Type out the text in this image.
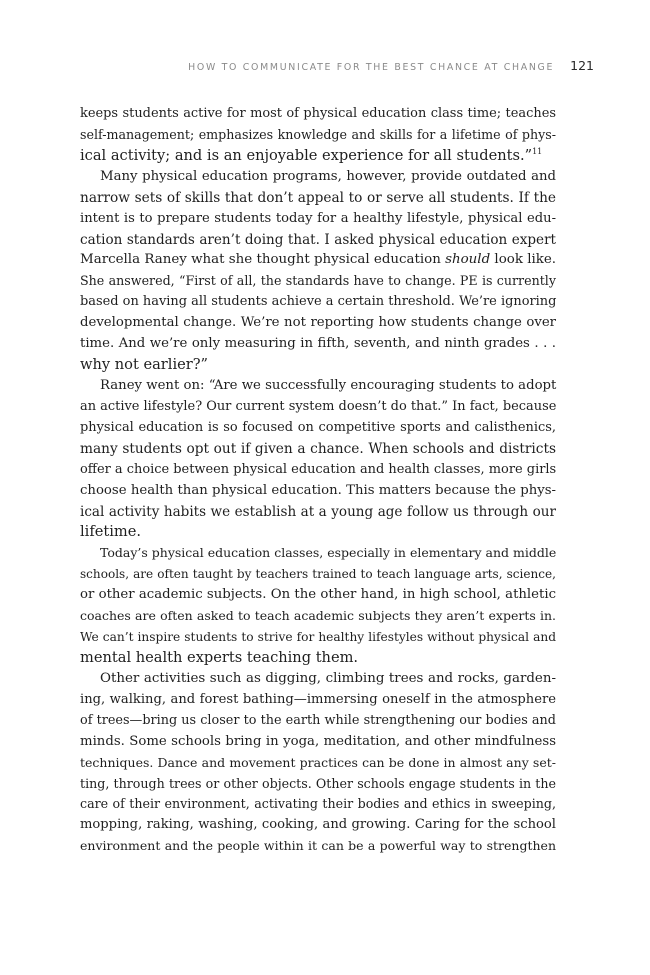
HOW TO COMMUNICATE FOR THE BEST CHANCE AT CHANGE 121
keeps students active for most of physical education class time; teaches
self-management; emphasizes knowledge and skills for a lifetime of phys-
ical activity; and is an enjoyable experience for all students.”$^{11}$
Many physical education programs, however, provide outdated and
narrow sets of skills that don’t appeal to or serve all students. If the
intent is to prepare students today for a healthy lifestyle, physical edu-
cation standards aren’t doing that. I asked physical education expert
Marcella Raney what she thought physical education should look like.
She answered, “First of all, the standards have to change. PE is currently
based on having all students achieve a certain threshold. We’re ignoring
developmental change. We’re not reporting how students change over
time. And we’re only measuring in fifth, seventh, and ninth grades . . .
why not earlier?”
Raney went on: “Are we successfully encouraging students to adopt
an active lifestyle? Our current system doesn’t do that.” In fact, because
physical education is so focused on competitive sports and calisthenics,
many students opt out if given a chance. When schools and districts
offer a choice between physical education and health classes, more girls
choose health than physical education. This matters because the phys-
ical activity habits we establish at a young age follow us through our
lifetime.
Today’s physical education classes, especially in elementary and middle
schools, are often taught by teachers trained to teach language arts, science,
or other academic subjects. On the other hand, in high school, athletic
coaches are often asked to teach academic subjects they aren’t experts in.
We can’t inspire students to strive for healthy lifestyles without physical and
mental health experts teaching them.
Other activities such as digging, climbing trees and rocks, garden-
ing, walking, and forest bathing—immersing oneself in the atmosphere
of trees—bring us closer to the earth while strengthening our bodies and
minds. Some schools bring in yoga, meditation, and other mindfulness
techniques. Dance and movement practices can be done in almost any set-
ting, through trees or other objects. Other schools engage students in the
care of their environment, activating their bodies and ethics in sweeping,
mopping, raking, washing, cooking, and growing. Caring for the school
environment and the people within it can be a powerful way to strengthen
